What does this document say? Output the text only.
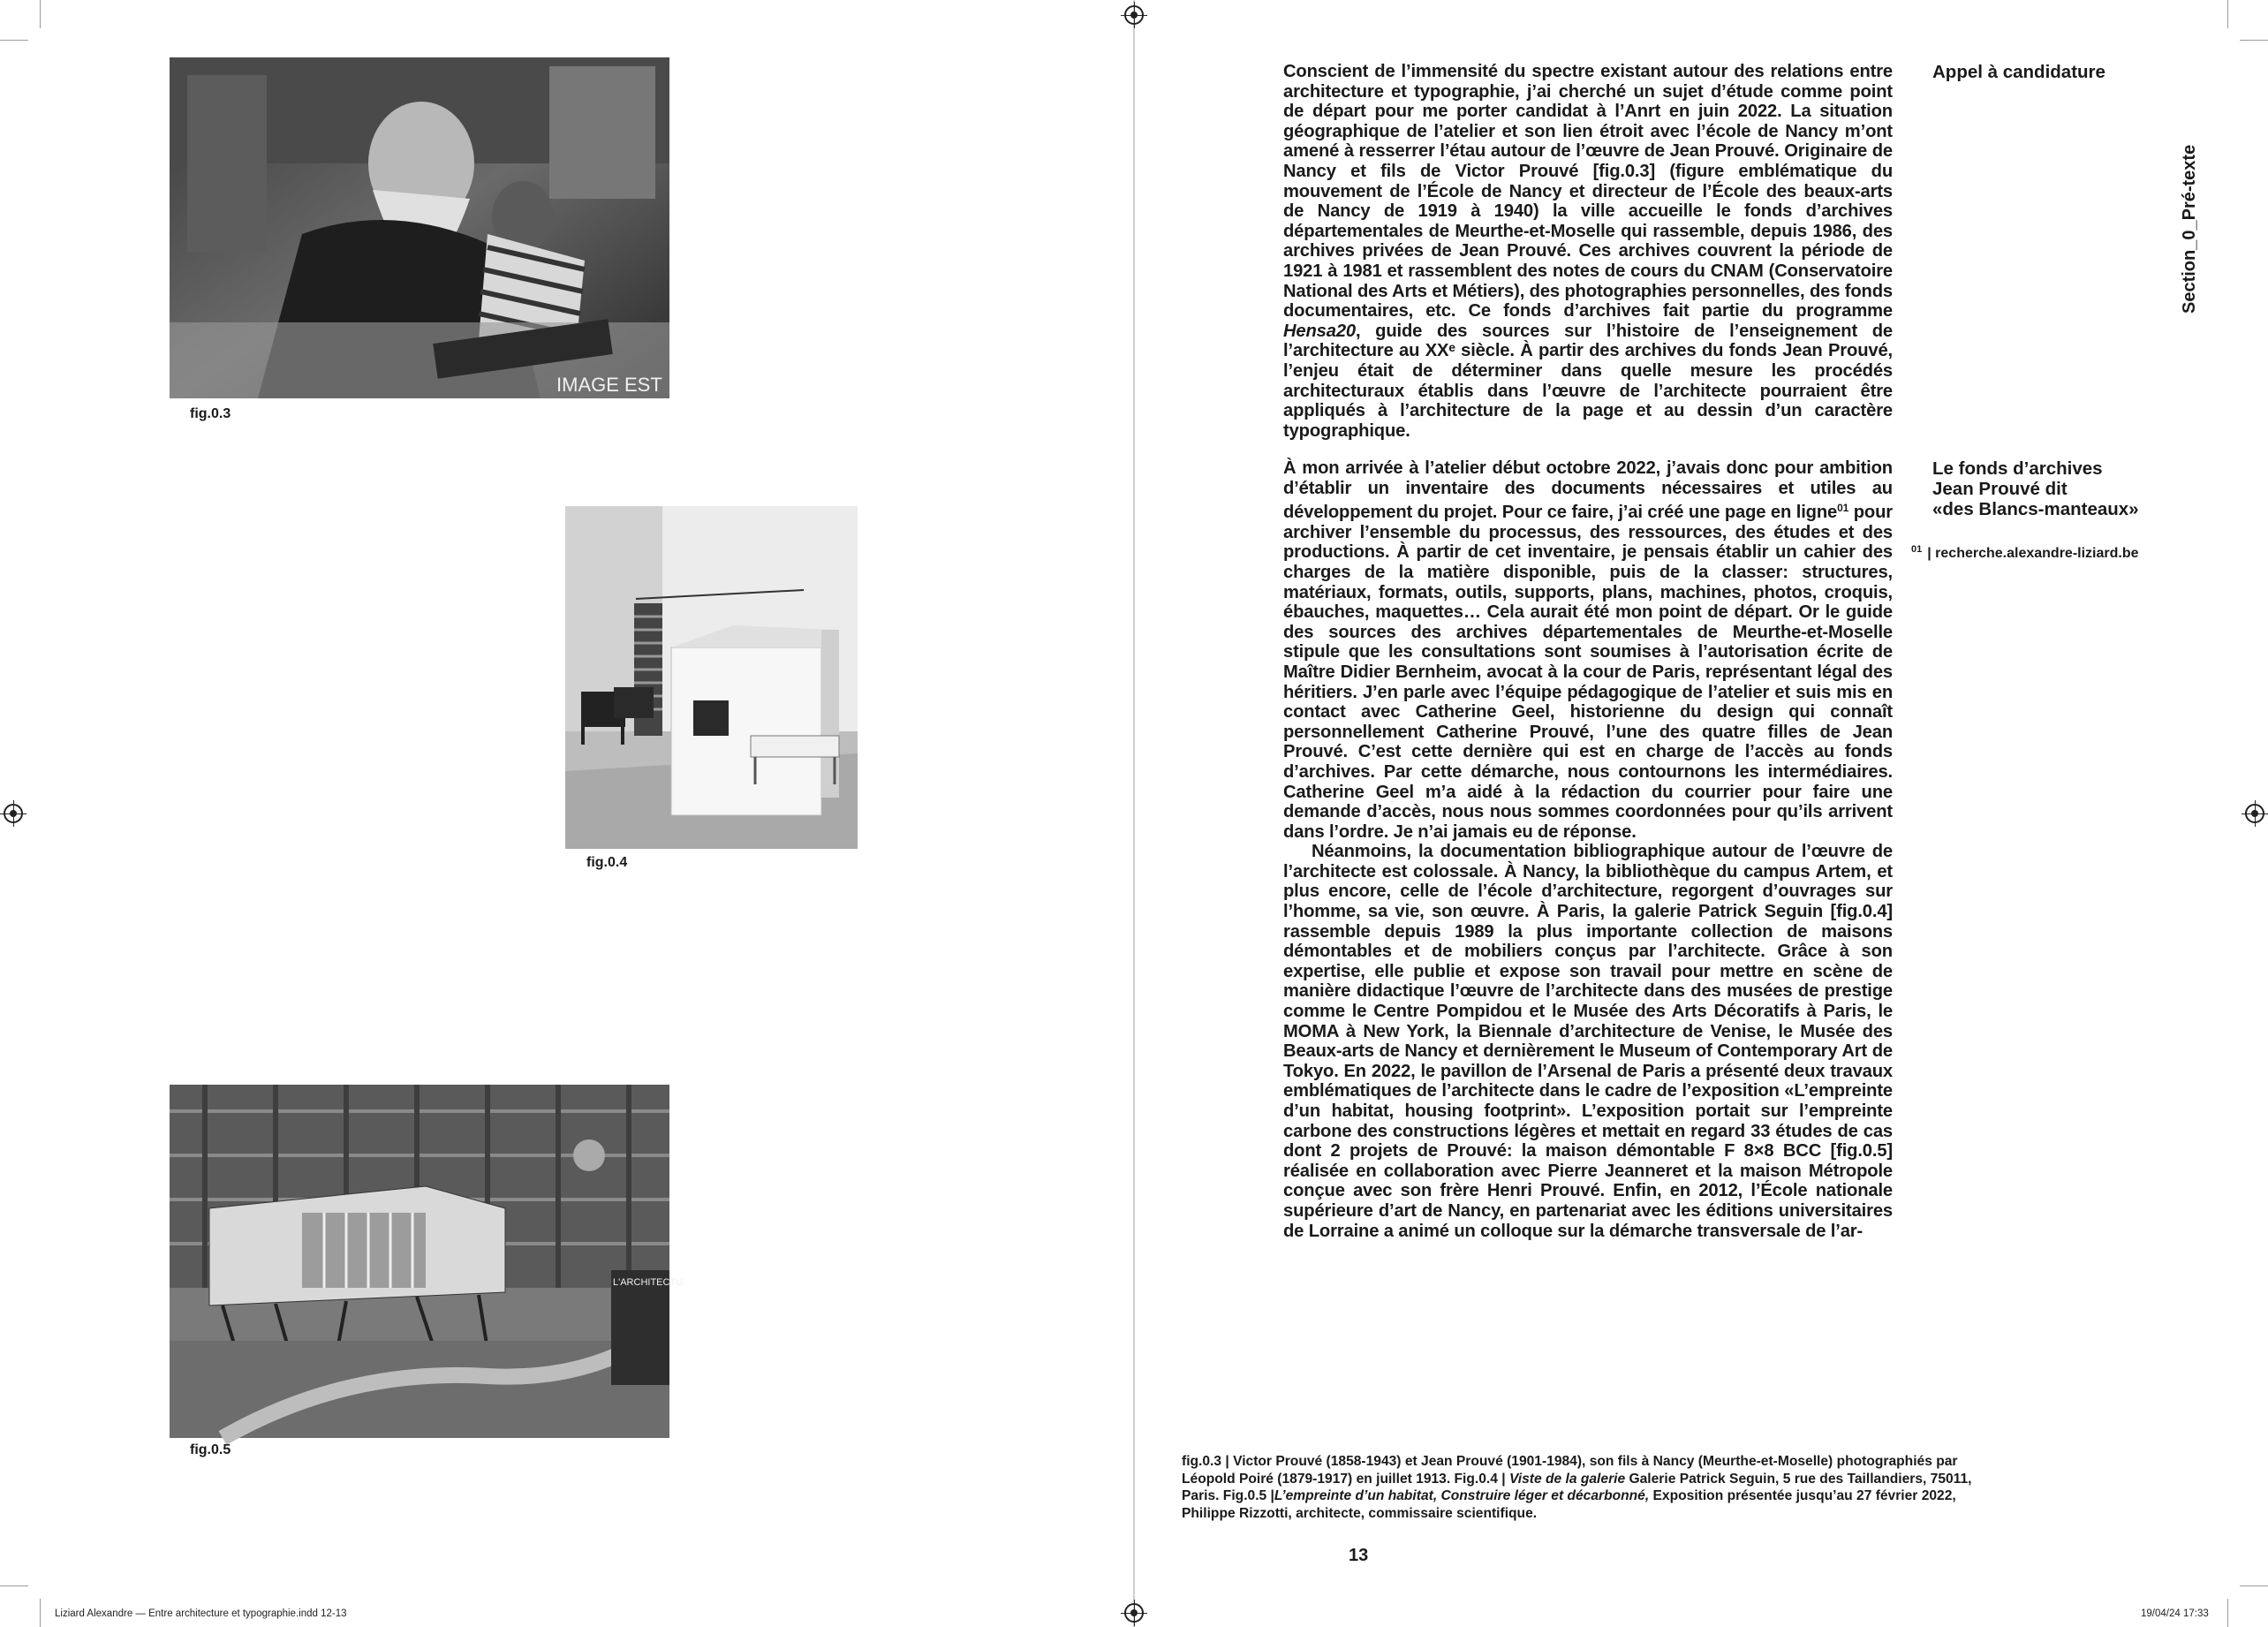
IMAGE EST
fig.0.3
fig.0.4
L'ARCHITECTU
fig.0.5

Conscient de l’immensité du spectre existant autour des relations entre architecture et typographie, j’ai cherché un sujet d’étude comme point de départ pour me porter candidat à l’Anrt en juin 2022. La situation géographique de l’atelier et son lien étroit avec l’école de Nancy m’ont amené à resserrer l’étau autour de l’œuvre de Jean Prouvé. Originaire de Nancy et fils de Victor Prouvé [fig.0.3] (figure emblématique du mouvement de l’École de Nancy et directeur de l’École des beaux-arts de Nancy de 1919 à 1940) la ville accueille le fonds d’archives départementales de Meurthe-et-Moselle qui rassemble, depuis 1986, des archives privées de Jean Prouvé. Ces archives couvrent la période de 1921 à 1981 et rassemblent des notes de cours du CNAM (Conservatoire National des Arts et Métiers), des photographies personnelles, des fonds documentaires, etc. Ce fonds d’archives fait partie du programme Hensa20, guide des sources sur l’histoire de l’enseignement de l’architecture au XXᵉ siècle. À partir des archives du fonds Jean Prouvé, l’enjeu était de déterminer dans quelle mesure les procédés architecturaux établis dans l’œuvre de l’architecte pourraient être appliqués à l’architecture de la page et au dessin d’un caractère typographique.

À mon arrivée à l’atelier début octobre 2022, j’avais donc pour ambition d’établir un inventaire des documents nécessaires et utiles au développement du projet. Pour ce faire, j’ai créé une page en ligne$^{01}$ pour archiver l’ensemble du processus, des ressources, des études et des productions. À partir de cet inventaire, je pensais établir un cahier des charges de la matière disponible, puis de la classer: structures, matériaux, formats, outils, supports, plans, machines, photos, croquis, ébauches, maquettes… Cela aurait été mon point de départ. Or le guide des sources des archives départementales de Meurthe-et-Moselle stipule que les consultations sont soumises à l’autorisation écrite de Maître Didier Bernheim, avocat à la cour de Paris, représentant légal des héritiers. J’en parle avec l’équipe pédagogique de l’atelier et suis mis en contact avec Catherine Geel, historienne du design qui connaît personnellement Catherine Prouvé, l’une des quatre filles de Jean Prouvé. C’est cette dernière qui est en charge de l’accès au fonds d’archives. Par cette démarche, nous contournons les intermédiaires. Catherine Geel m’a aidé à la rédaction du courrier pour faire une demande d’accès, nous nous sommes coordonnées pour qu’ils arrivent dans l’ordre. Je n’ai jamais eu de réponse.

Néanmoins, la documentation bibliographique autour de l’œuvre de l’architecte est colossale. À Nancy, la bibliothèque du campus Artem, et plus encore, celle de l’école d’architecture, regorgent d’ouvrages sur l’homme, sa vie, son œuvre. À Paris, la galerie Patrick Seguin [fig.0.4] rassemble depuis 1989 la plus importante collection de maisons démontables et de mobiliers conçus par l’architecte. Grâce à son expertise, elle publie et expose son travail pour mettre en scène de manière didactique l’œuvre de l’architecte dans des musées de prestige comme le Centre Pompidou et le Musée des Arts Décoratifs à Paris, le MOMA à New York, la Biennale d’architecture de Venise, le Musée des Beaux-arts de Nancy et dernièrement le Museum of Contemporary Art de Tokyo. En 2022, le pavillon de l’Arsenal de Paris a présenté deux travaux emblématiques de l’architecte dans le cadre de l’exposition «L’empreinte d’un habitat, housing footprint». L’exposition portait sur l’empreinte carbone des constructions légères et mettait en regard 33 études de cas dont 2 projets de Prouvé: la maison démontable F 8×8 BCC [fig.0.5] réalisée en collaboration avec Pierre Jeanneret et la maison Métropole conçue avec son frère Henri Prouvé. Enfin, en 2012, l’École nationale supérieure d’art de Nancy, en partenariat avec les éditions universitaires de Lorraine a animé un colloque sur la démarche transversale de l’ar-

Appel à candidature
Le fonds d’archives
Jean Prouvé dit
«des Blancs-manteaux»
$^{01}$ | recherche.alexandre-liziard.be
Section_0_Pré-texte
fig.0.3 | Victor Prouvé (1858-1943) et Jean Prouvé (1901-1984), son fils à Nancy (Meurthe-et-Moselle) photographiés par Léopold Poiré (1879-1917) en juillet 1913. Fig.0.4 | Viste de la galerie Galerie Patrick Seguin, 5 rue des Taillandiers, 75011, Paris. Fig.0.5 |L’empreinte d’un habitat, Construire léger et décarbonné, Exposition présentée jusqu’au 27 février 2022, Philippe Rizzotti, architecte, commissaire scientifique.
13
Liziard Alexandre — Entre architecture et typographie.indd 12-13	19/04/24 17:33
